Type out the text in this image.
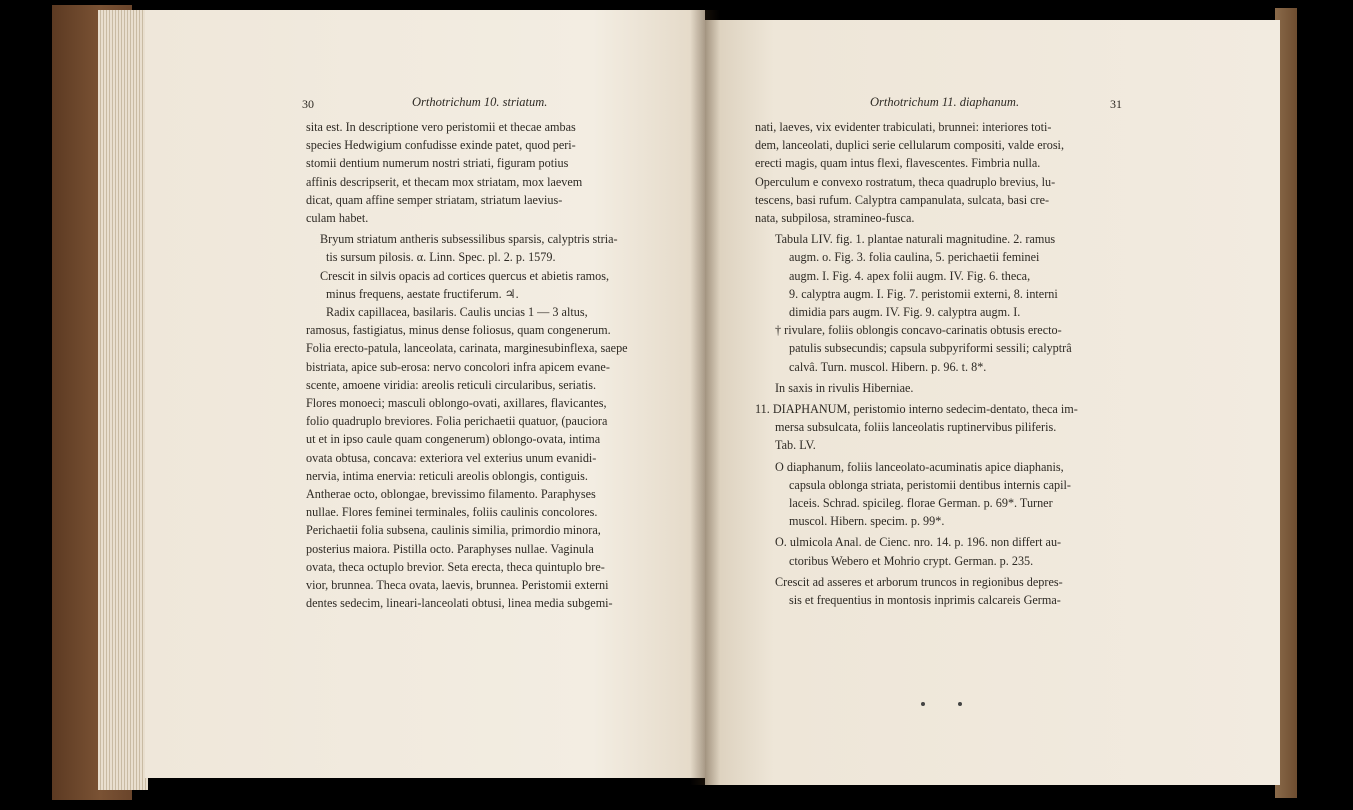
30	Orthotrichum 10. striatum.
sita est. In descriptione vero peristomii et thecae ambas
species Hedwigium confudisse exinde patet, quod peri-
stomii dentium numerum nostri striati, figuram potius
affinis descripserit, et thecam mox striatam, mox laevem
dicat, quam affine semper striatam, striatum laevius-
culam habet.
Bryum striatum antheris subsessilibus sparsis, calyptris stria-
tis sursum pilosis. α. Linn. Spec. pl. 2. p. 1579.
Crescit in silvis opacis ad cortices quercus et abietis ramos,
minus frequens, aestate fructiferum. ♃.
Radix capillacea, basilaris. Caulis uncias 1 — 3 altus,
ramosus, fastigiatus, minus dense foliosus, quam congenerum.
Folia erecto-patula, lanceolata, carinata, marginesubinflexa, saepe
bistriata, apice sub-erosa: nervo concolori infra apicem evane-
scente, amoene viridia: areolis reticuli circularibus, seriatis.
Flores monoeci; masculi oblongo-ovati, axillares, flavicantes,
folio quadruplo breviores. Folia perichaetii quatuor, (pauciora
ut et in ipso caule quam congenerum) oblongo-ovata, intima
ovata obtusa, concava: exteriora vel exterius unum evanidi-
nervia, intima enervia: reticuli areolis oblongis, contiguis.
Antherae octo, oblongae, brevissimo filamento. Paraphyses
nullae. Flores feminei terminales, foliis caulinis concolores.
Perichaetii folia subsena, caulinis similia, primordio minora,
posterius maiora. Pistilla octo. Paraphyses nullae. Vaginula
ovata, theca octuplo brevior. Seta erecta, theca quintuplo bre-
vior, brunnea. Theca ovata, laevis, brunnea. Peristomii externi
dentes sedecim, lineari-lanceolati obtusi, linea media subgemi-
Orthotrichum 11. diaphanum.	31
nati, laeves, vix evidenter trabiculati, brunnei: interiores toti-
dem, lanceolati, duplici serie cellularum compositi, valde erosi,
erecti magis, quam intus flexi, flavescentes. Fimbria nulla.
Operculum e convexo rostratum, theca quadruplo brevius, lu-
tescens, basi rufum. Calyptra campanulata, sulcata, basi cre-
nata, subpilosa, stramineo-fusca.
Tabula LIV. fig. 1. plantae naturali magnitudine. 2. ramus
augm. o. Fig. 3. folia caulina, 5. perichaetii feminei
augm. I. Fig. 4. apex folii augm. IV. Fig. 6. theca,
9. calyptra augm. I. Fig. 7. peristomii externi, 8. interni
dimidia pars augm. IV. Fig. 9. calyptra augm. I.
† rivulare, foliis oblongis concavo-carinatis obtusis erecto-
patulis subsecundis; capsula subpyriformi sessili; calyptrâ
calvâ. Turn. muscol. Hibern. p. 96. t. 8*.
In saxis in rivulis Hiberniae.
11. DIAPHANUM, peristomio interno sedecim-dentato, theca im-
mersa subsulcata, foliis lanceolatis ruptinervibus piliferis.
Tab. LV.
O diaphanum, foliis lanceolato-acuminatis apice diaphanis,
capsula oblonga striata, peristomii dentibus internis capil-
laceis. Schrad. spicileg. florae German. p. 69*. Turner
muscol. Hibern. specim. p. 99*.
O. ulmicola Anal. de Cienc. nro. 14. p. 196. non differt au-
ctoribus Webero et Mohrio crypt. German. p. 235.
Crescit ad asseres et arborum truncos in regionibus depres-
sis et frequentius in montosis inprimis calcareis Germa-
